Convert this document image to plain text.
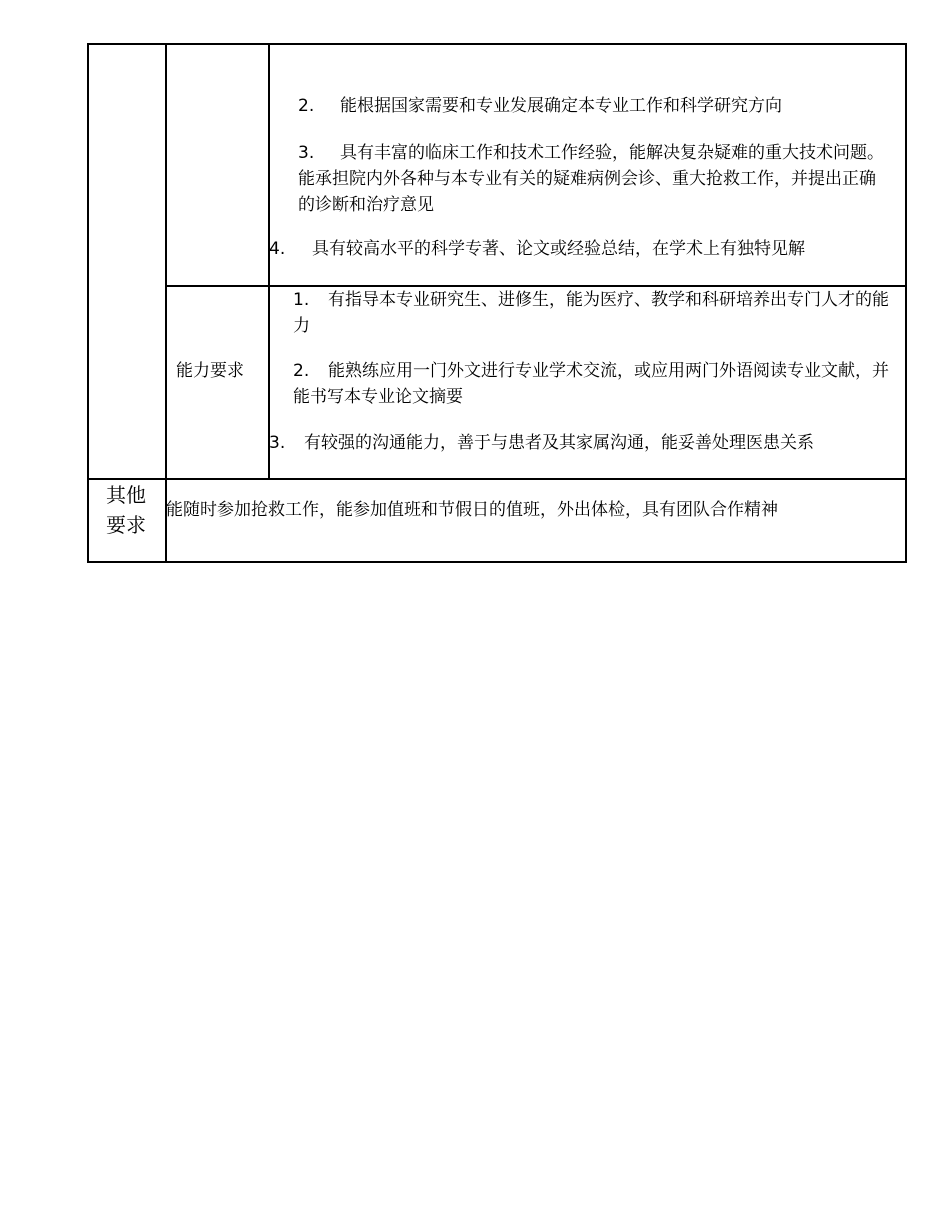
2. 能根据国家需要和专业发展确定本专业工作和科学研究方向

3. 具有丰富的临床工作和技术工作经验，能解决复杂疑难的重大技术问题。能承担院内外各种与本专业有关的疑难病例会诊、重大抢救工作，并提出正确的诊断和治疗意见

4. 具有较高水平的科学专著、论文或经验总结，在学术上有独特见解

能力要求

1. 有指导本专业研究生、进修生，能为医疗、教学和科研培养出专门人才的能力

2. 能熟练应用一门外文进行专业学术交流，或应用两门外语阅读专业文献，并能书写本专业论文摘要

3. 有较强的沟通能力，善于与患者及其家属沟通，能妥善处理医患关系

其他

要求

能随时参加抢救工作，能参加值班和节假日的值班，外出体检，具有团队合作精神
